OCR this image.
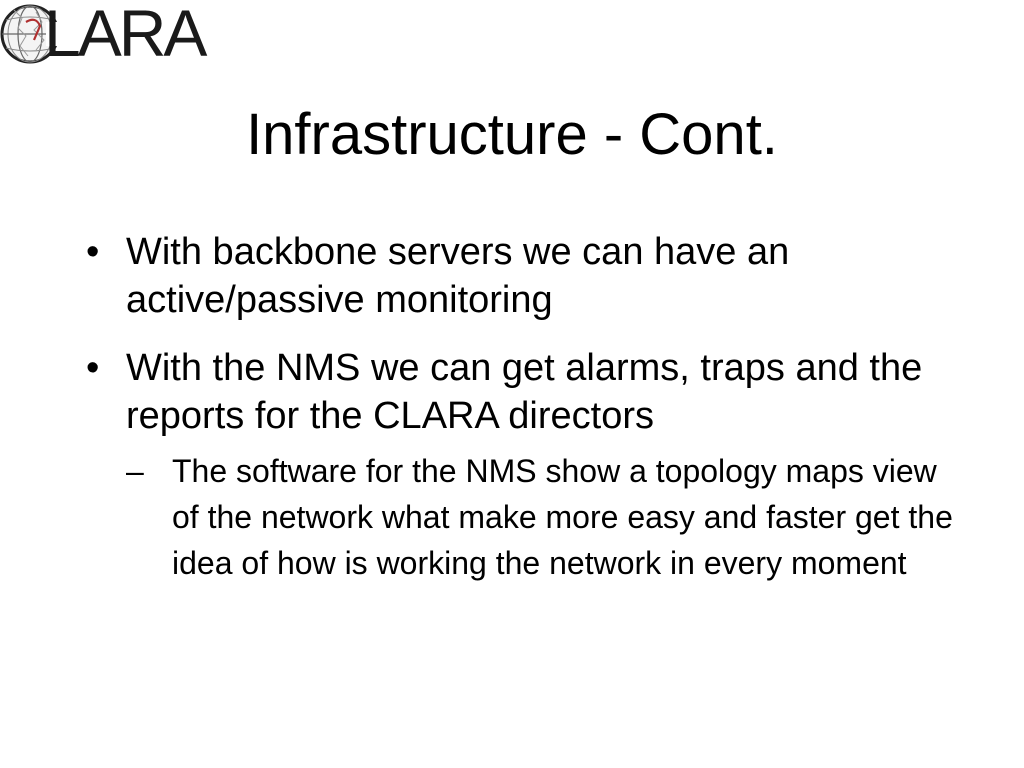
LARA
Infrastructure - Cont.
• With backbone servers we can have an active/passive monitoring
• With the NMS we can get alarms, traps and the reports for the CLARA directors
– The software for the NMS show a topology maps view of the network what make more easy and faster get the idea of how is working the network in every moment
